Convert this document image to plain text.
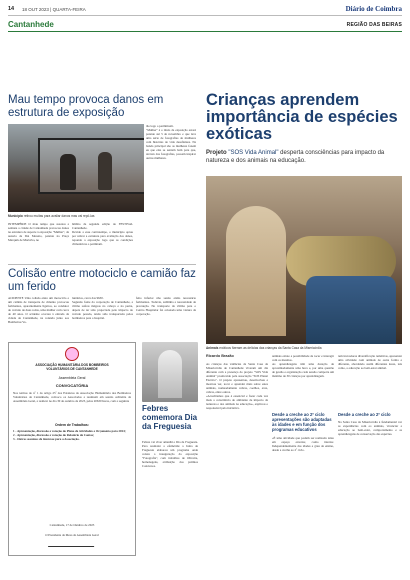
14 18 OUT 2023 | QUARTA-FEIRA	Diário de Coimbra
Cantanhede	REGIÃO DAS BEIRAS
Mau tempo provoca danos em estrutura de exposição
Município retirou muitas para avaliar danos mas vai repô-las
INTEMPÉRIE O mau tempo que assolou a semana a cidade de Cantanhede provocou danos na estrutura de suporte à exposição "Mulher", da autoria de Dai Moreno, patente na Praça Marquês de Marialva, no
âmbito da segunda edição do FESTIVAL Cantanhede.
Devido a esse contratempo, o município optou por retirar a estrutura para avaliação dos danos, repondo a exposição logo que as condições climatéricas o permitam.
tão logo o permitirem.
"Mulher" é o título da exposição estará patente até 5 de novembro e que leva uma série de fotografias de mulheres com histórias de vida desafiantes. Na banda principal são as mulheres fazem eu que elas se sentem bem para que, através das fotografias, possam inspirar outras mulheres.
Colisão entre motociclo e camião faz um ferido
ACIDENTE Uma colisão entre um motociclo e um camião de transporte de cimento provocou ferimentos, aparentemente ligeiros, ao condutor do veículo de duas rodas, uma mulher com cerca de 40 anos. O acidente ocorreu à entrada da cidade de Cantanhede, na rotunda junto aos Bombeiros Vo-
luntários, cerca das 9h30.
Segundo fonte da corporação de Cantanhede, a vítima sofreu mágoas na cabeça e na perna, depois de ter sido projectada pelo impacto do veículo pesado, tendo sido transportada pelos bombeiros para o hospital.
feito inferior não sendo então necessário ferimentos. Todavia, sublinha a necessidade de precaução. No transporte da vítima para o Centro Hospitalar foi acionada uma viatura da corporação.
ASSOCIAÇÃO HUMANITÁRIA DOS BOMBEIROS
VOLUNTÁRIOS DE CANTANHEDE
Assembleia Geral
CONVOCATÓRIA
Nos termos do nº 1 do artigo 25º dos Estatutos da Associação Humanitária dos Bombeiros Voluntários de Cantanhede, convoco os Associados a reunirem em sessão ordinária da Assembleia Geral, a realizar no dia 30 de outubro de 2023, pelas 20h30 horas, com a seguinte
Ordem de Trabalhos:
1 - Apresentação, discussão e votação do Plano de Atividades e Orçamento para 2024;
2 - Apresentação, discussão e votação do Relatório de Contas;
3 - Outros assuntos de interesse para a Associação.
Cantanhede, 17 de Outubro de 2023
O Presidente da Mesa da Assembleia Geral
Febres comemora Dia da Freguesia
Febres vai viver amanhã o Dia da Freguesia. Para assinalar a efeméride a Junta de Freguesia elaborou um programa onde consta a inauguração da exposição "Fotografia", com trabalhos de Oliveira, homenagens, atribuição dos prémios Concursos.
Crianças aprendem importância de espécies exóticas
Projeto "SOS Vida Animal" desperta consciências para impacto da natureza e dos animais na educação.
Animais exóticos fizeram as delícias das crianças da Santa Casa da Misericórdia
Ricardo Brazão
As crianças das valências da Santa Casa da Misericórdia de Cantanhede vivaram um dia diferente com a presença do projeto "SOS Vida Animal" promovido pela associação "SOS Planet Exótico". O projeto apresentou, desenvolveu e mostrou ver, tocar e aprender mais sobre estes animais, nomeadamente cobras, coelhos, aves, cabras, entre outros.
«Acreditamos que é essencial e fazer cada vez mais a consciência do ambiente de impacto da natureza e dos animais na educação», explicou o responsável pela iniciativa.
animais existe a possibilidade de tocar e interagir com os mesmos.
As aprendizagens têm uma duração de aproximadamente uma hora e, por uma questão de gestão e organização cada sessão comporta um máximo de 30 crianças por aprendizagem.
Desde a creche ao 2º ciclo apresentações são adaptadas às idades e em função dos programas educativos
«É uma atividade que podem ser realizada tanto em espaço exterior, como interior. Independentemente das idades e grau de ensino, desde a creche ao 2º ciclo.
tem inovadoras diversificação temáticas, apresentar uma atividade com animais de outra forma e diferente, abordando assim diferentes áreas, tais como, a educação ao bem-estar animal.
Desde a creche ao 2º ciclo
Na Santa Casa da Misericórdia é fundamental ver as experiências com os animais, vivenciar a educação ao bem-estar, comportamento e as aprendizagens de conservação das espécies.
